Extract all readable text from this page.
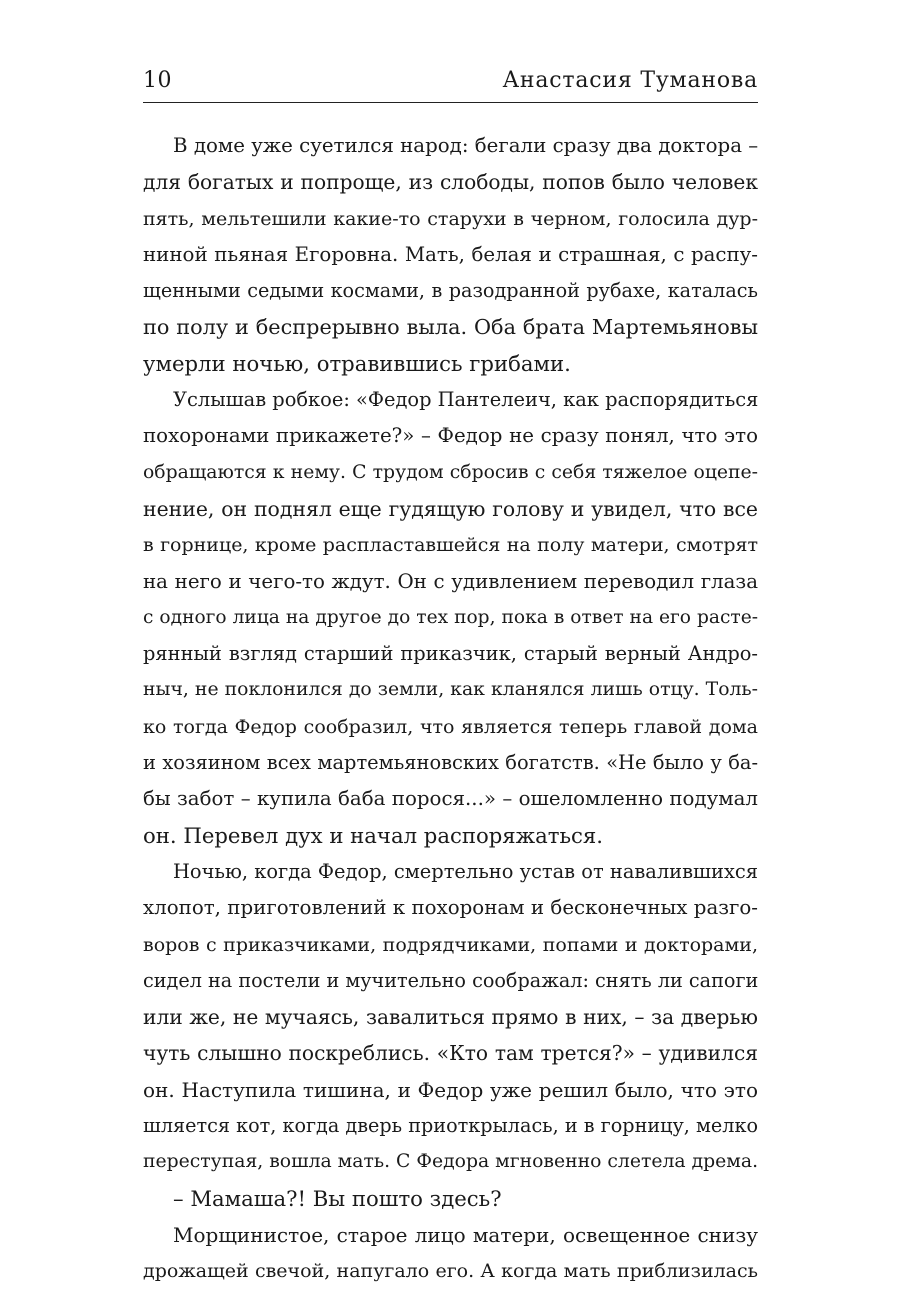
10	Анастасия Туманова
В доме уже суетился народ: бегали сразу два доктора –
для богатых и попроще, из слободы, попов было человек
пять, мельтешили какие-то старухи в черном, голосила дур-
ниной пьяная Егоровна. Мать, белая и страшная, с распу-
щенными седыми космами, в разодранной рубахе, каталась
по полу и беспрерывно выла. Оба брата Мартемьяновы
умерли ночью, отравившись грибами.
Услышав робкое: «Федор Пантелеич, как распорядиться
похоронами прикажете?» – Федор не сразу понял, что это
обращаются к нему. С трудом сбросив с себя тяжелое оцепе-
нение, он поднял еще гудящую голову и увидел, что все
в горнице, кроме распластавшейся на полу матери, смотрят
на него и чего-то ждут. Он с удивлением переводил глаза
с одного лица на другое до тех пор, пока в ответ на его расте-
рянный взгляд старший приказчик, старый верный Андро-
ныч, не поклонился до земли, как кланялся лишь отцу. Толь-
ко тогда Федор сообразил, что является теперь главой дома
и хозяином всех мартемьяновских богатств. «Не было у ба-
бы забот – купила баба порося...» – ошеломленно подумал
он. Перевел дух и начал распоряжаться.
Ночью, когда Федор, смертельно устав от навалившихся
хлопот, приготовлений к похоронам и бесконечных разго-
воров с приказчиками, подрядчиками, попами и докторами,
сидел на постели и мучительно соображал: снять ли сапоги
или же, не мучаясь, завалиться прямо в них, – за дверью
чуть слышно поскреблись. «Кто там трется?» – удивился
он. Наступила тишина, и Федор уже решил было, что это
шляется кот, когда дверь приоткрылась, и в горницу, мелко
переступая, вошла мать. С Федора мгновенно слетела дрема.
– Мамаша?! Вы пошто здесь?
Морщинистое, старое лицо матери, освещенное снизу
дрожащей свечой, напугало его. А когда мать приблизилась
